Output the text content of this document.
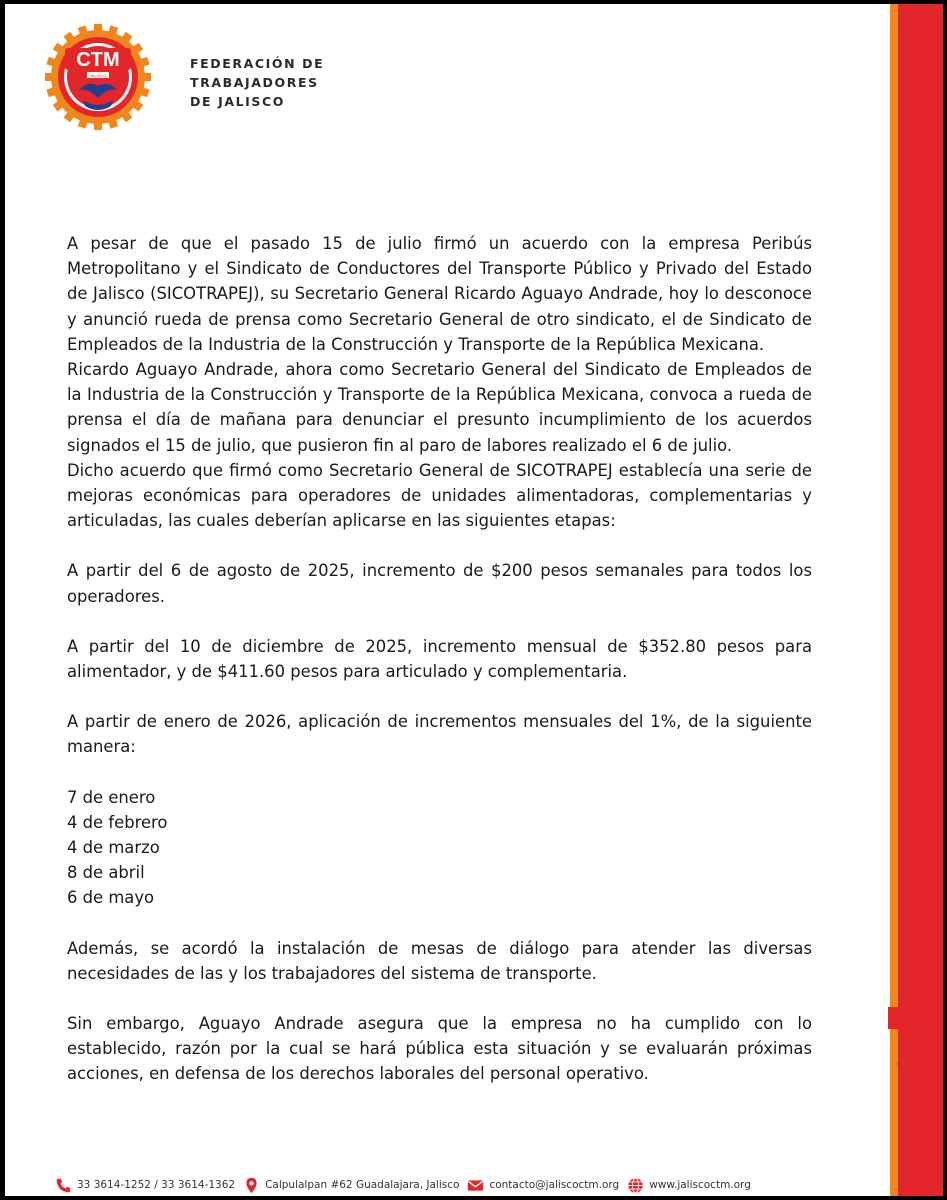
CTM
JALISCO
FEDERACIÓN DE
TRABAJADORES
DE JALISCO

A pesar de que el pasado 15 de julio firmó un acuerdo con la empresa Peribús Metropolitano y el Sindicato de Conductores del Transporte Público y Privado del Estado de Jalisco (SICOTRAPEJ), su Secretario General Ricardo Aguayo Andrade, hoy lo desconoce y anunció rueda de prensa como Secretario General de otro sindicato, el de Sindicato de Empleados de la Industria de la Construcción y Transporte de la República Mexicana.

Ricardo Aguayo Andrade, ahora como Secretario General del Sindicato de Empleados de la Industria de la Construcción y Transporte de la República Mexicana, convoca a rueda de prensa el día de mañana para denunciar el presunto incumplimiento de los acuerdos signados el 15 de julio, que pusieron fin al paro de labores realizado el 6 de julio.

Dicho acuerdo que firmó como Secretario General de SICOTRAPEJ establecía una serie de mejoras económicas para operadores de unidades alimentadoras, complementarias y articuladas, las cuales deberían aplicarse en las siguientes etapas:

A partir del 6 de agosto de 2025, incremento de $200 pesos semanales para todos los operadores.

A partir del 10 de diciembre de 2025, incremento mensual de $352.80 pesos para alimentador, y de $411.60 pesos para articulado y complementaria.

A partir de enero de 2026, aplicación de incrementos mensuales del 1%, de la siguiente manera:

7 de enero
4 de febrero
4 de marzo
8 de abril
6 de mayo

Además, se acordó la instalación de mesas de diálogo para atender las diversas necesidades de las y los trabajadores del sistema de transporte.

Sin embargo, Aguayo Andrade asegura que la empresa no ha cumplido con lo establecido, razón por la cual se hará pública esta situación y se evaluarán próximas acciones, en defensa de los derechos laborales del personal operativo.

33 3614-1252 / 33 3614-1362	Calpulalpan #62 Guadalajara, Jalisco	contacto@jaliscoctm.org	www.jaliscoctm.org
